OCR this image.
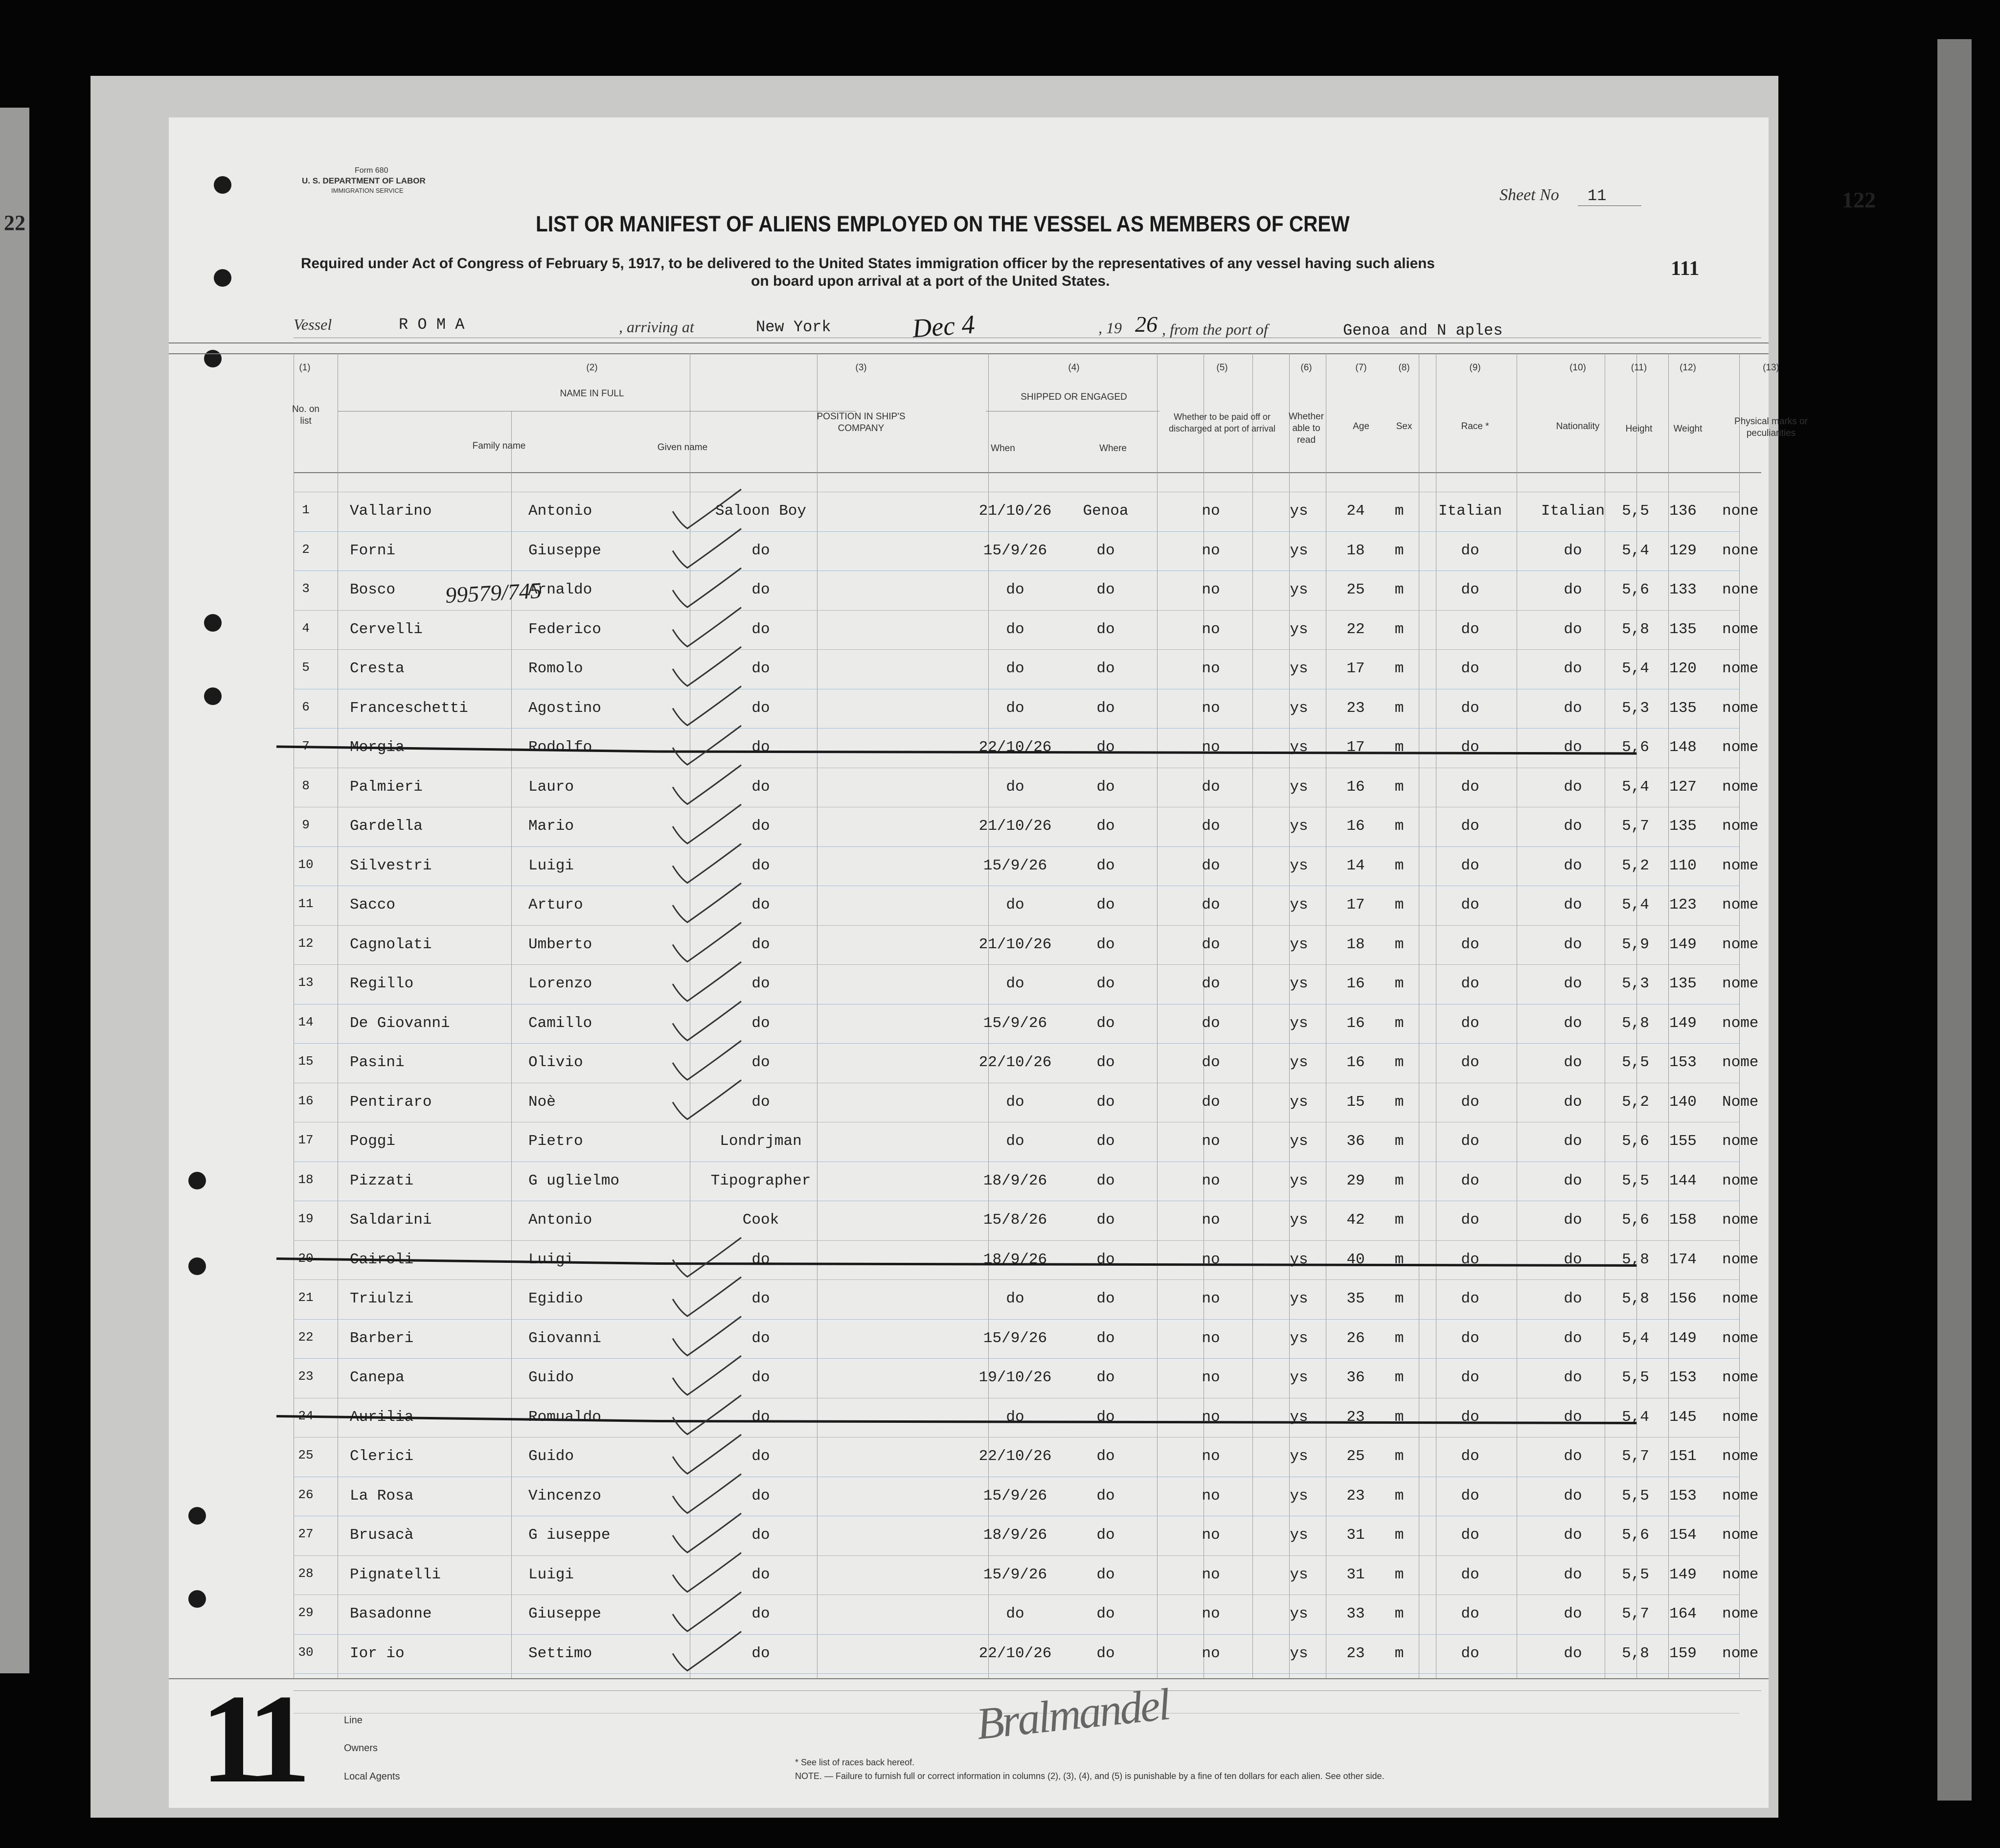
22
122
Form 680
U. S. DEPARTMENT OF LABOR
IMMIGRATION SERVICE	Sheet No 11
111
LIST OR MANIFEST OF ALIENS EMPLOYED ON THE VESSEL AS MEMBERS OF CREW
Required under Act of Congress of February 5, 1917, to be delivered to the United States immigration officer by the representatives of any vessel having such aliens
on board upon arrival at a port of the United States.
Vessel	R O M A	, arriving at	New York	Dec 4	, 19 26 , from the port of	Genoa and N aples
(1)
No. on list
(2)
NAME IN FULL
Family name	Given name
(3)
POSITION IN SHIP'S COMPANY
(4)
SHIPPED OR ENGAGED
When	Where
(5)
Whether to be paid off or discharged at port of arrival
(6)
Whether able to read
(7)
Age
(8)
Sex
(9)
Race *
(10)
Nationality
(11)
Height
(12)
Weight
(13)
Physical marks or peculiarities
1	Vallarino	Antonio	Saloon Boy	21/10/26 Genoa	no	ys	24 m Italian	Italian 5,5 136 none
2	Forni	Giuseppe	do	15/9/26	do	no	ys	18 m	do	do	5,4 129 none
3	Bosco	Arnaldo	do	do	do	no	ys	25 m	do	do	5,6 133 none
4	Cervelli	Federico	do	do	do	no	ys	22 m	do	do	5,8 135 nome
5	Cresta	Romolo	do	do	do	no	ys	17 m	do	do	5,4 120 nome
6	Franceschetti	Agostino	do	do	do	no	ys	23 m	do	do	5,3 135 nome
7	Morgia	Rodolfo	do	22/10/26	do	no	ys	17 m	do	do	5,6 148 nome
8	Palmieri	Lauro	do	do	do	do	ys	16 m	do	do	5,4 127 nome
9	Gardella	Mario	do	21/10/26	do	do	ys	16 m	do	do	5,7 135 nome
10 Silvestri	Luigi	do	15/9/26	do	do	ys	14 m	do	do	5,2 110 nome
11 Sacco	Arturo	do	do	do	do	ys	17 m	do	do	5,4 123 nome
12 Cagnolati	Umberto	do	21/10/26	do	do	ys	18 m	do	do	5,9 149 nome
13 Regillo	Lorenzo	do	do	do	do	ys	16 m	do	do	5,3 135 nome
14 De Giovanni	Camillo	do	15/9/26	do	do	ys	16 m	do	do	5,8 149 nome
15 Pasini	Olivio	do	22/10/26	do	do	ys	16 m	do	do	5,5 153 nome
16 Pentiraro	Noè	do	do	do	do	ys	15 m	do	do	5,2 140 Nome
17 Poggi	Pietro	Londrjman	do	do	no	ys	36 m	do	do	5,6 155 nome
18 Pizzati	G uglielmo	Tipographer	18/9/26	do	no	ys	29 m	do	do	5,5 144 nome
19 Saldarini	Antonio	Cook	15/8/26	do	no	ys	42 m	do	do	5,6 158 nome
20 Cairoli	Luigi	do	18/9/26	do	no	ys	40 m	do	do	5,8 174 nome
21 Triulzi	Egidio	do	do	do	no	ys	35 m	do	do	5,8 156 nome
22 Barberi	Giovanni	do	15/9/26	do	no	ys	26 m	do	do	5,4 149 nome
23 Canepa	Guido	do	19/10/26	do	no	ys	36 m	do	do	5,5 153 nome
24 Aurilia	Romualdo	do	do	do	no	ys	23 m	do	do	5,4 145 nome
25 Clerici	Guido	do	22/10/26	do	no	ys	25 m	do	do	5,7 151 nome
26 La Rosa	Vincenzo	do	15/9/26	do	no	ys	23 m	do	do	5,5 153 nome
27 Brusacà	G iuseppe	do	18/9/26	do	no	ys	31 m	do	do	5,6 154 nome
28 Pignatelli	Luigi	do	15/9/26	do	no	ys	31 m	do	do	5,5 149 nome
29 Basadonne	Giuseppe	do	do	do	no	ys	33 m	do	do	5,7 164 nome
30 Ior io	Settimo	do	22/10/26	do	no	ys	23 m	do	do	5,8 159 nome
99579/745
11	Line
Owners
Local Agents
Bralmandel
* See list of races back hereof.
NOTE. — Failure to furnish full or correct information in columns (2), (3), (4), and (5) is punishable by a fine of ten dollars for each alien. See other side.
